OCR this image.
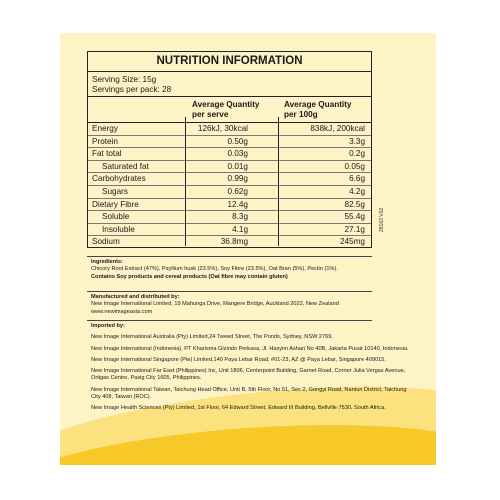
NUTRITION INFORMATION
Serving Size: 15g
Servings per pack: 28
Average Quantity
per serve
Average Quantity
per 100g
Energy	126kJ, 30kcal	838kJ, 200kcal
Protein	0.50g	3.3g
Fat total	0.03g	0.2g
Saturated fat	0.01g	0.05g
Carbohydrates	0.99g	6.6g
Sugars	0.62g	4.2g
Dietary Fibre	12.4g	82.5g
Soluble	8.3g	55.4g
Insoluble	4.1g	27.1g
Sodium	36.8mg	245mg
28163 V02
Ingredients:
Chicory Root Extract (47%), Psyllium husk (23.5%), Soy Fibre (23.5%), Oat Bran (5%), Pectin (1%).
Contains Soy products and cereal products (Oat fibre may contain gluten)
Manufactured and distributed by:
New Image International Limited, 19 Mahunga Drive, Mangere Bridge, Auckland 2022, New Zealand
www.newimageasia.com
Imported by:
New Image International Australia (Pty) Limited,24 Tweed Street, The Ponds, Sydney, NSW 2769.
New Image International (Indonesia), PT Kharisma Glzindo Perkasa, Jl. Hasyim Ashari No 40B, Jakarta Pusat 10140, Indonesia.
New Image International Singapore (Pte) Limited,140 Paya Lebar Road, #01-23, AZ @ Paya Lebar, Singapore 409015.
New Image International Far East (Philippines) Inc, Unit 1806, Centerpoint Building, Garnet Road, Corner Julia Vergas Avenue, Ortigas Centre, Pasig City 1605, Philippines.
New Image International Taiwan, Taichung Head Office, Unit B, 5th Floor, No 51, Sec 2, Gongyi Road, Nantun District, Taichung City 408, Taiwan (ROC).
New Image Health Sciences (Pty) Limited, 1st Floor, 64 Edward Street, Edward III Building, Bellville 7530, South Africa.
